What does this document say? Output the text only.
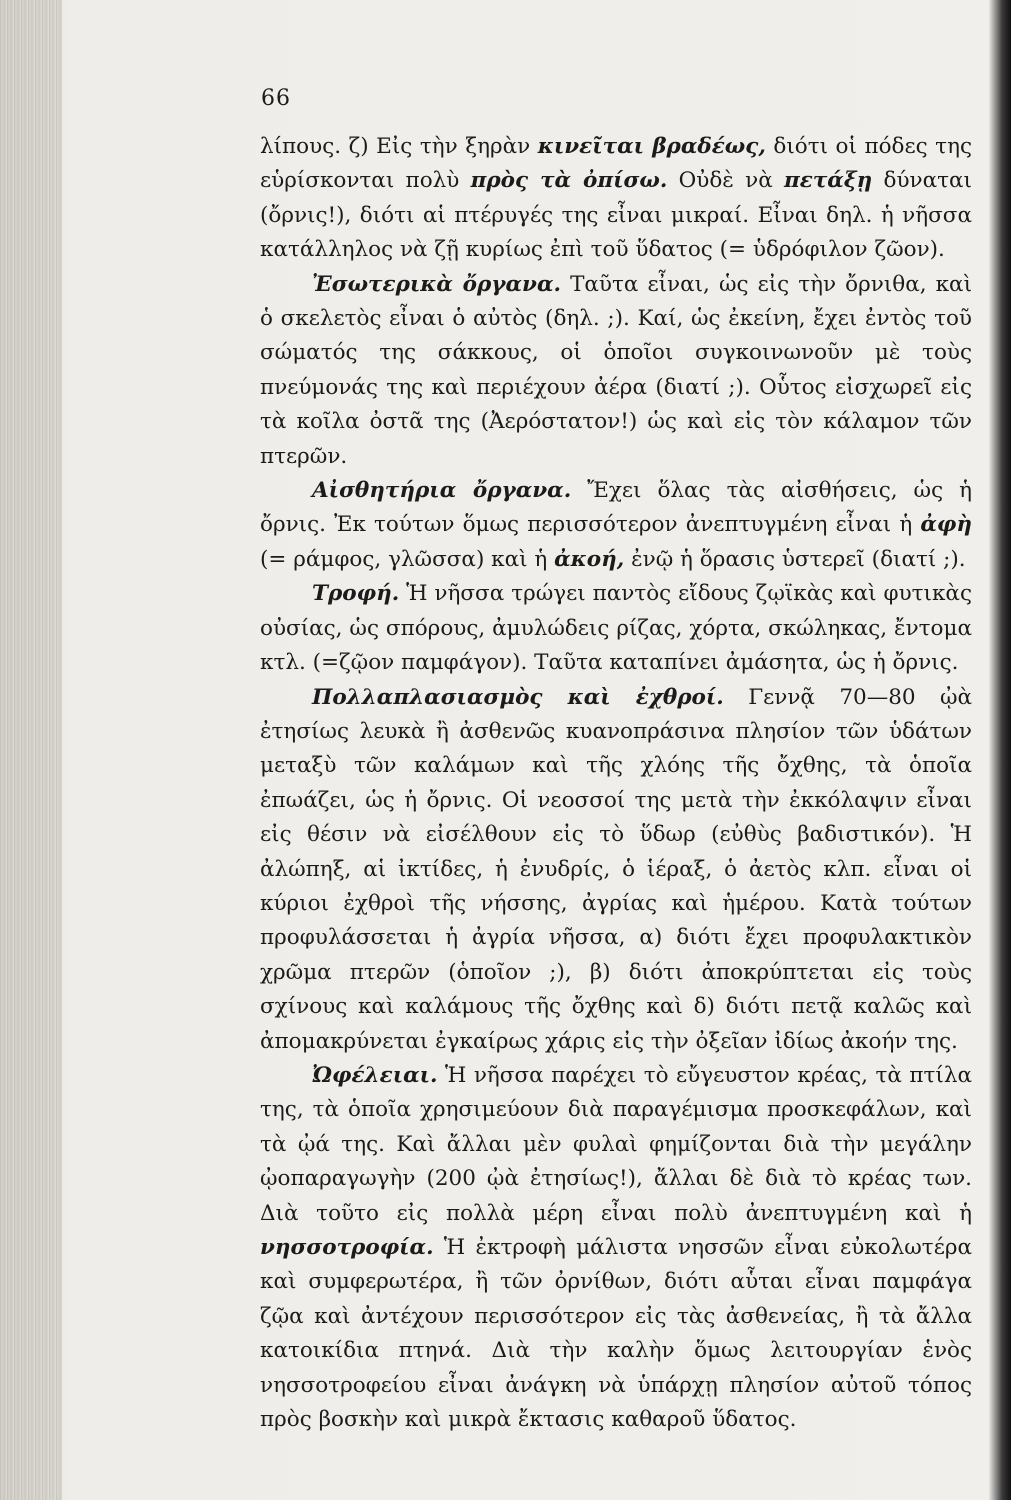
66

λίπους. ζ) Εἰς τὴν ξηρὰν κινεῖται βραδέως, διότι οἱ πόδες της εὑρίσκονται πολὺ πρὸς τὰ ὀπίσω. Οὐδὲ νὰ πετάξῃ δύναται (ὄρνις!), διότι αἱ πτέρυγές της εἶναι μικραί. Εἶναι δηλ. ἡ νῆσσα κατάλληλος νὰ ζῇ κυρίως ἐπὶ τοῦ ὕδατος (= ὑδρόφιλον ζῶον).

Ἐσωτερικὰ ὄργανα. Ταῦτα εἶναι, ὡς εἰς τὴν ὄρνιθα, καὶ ὁ σκελετὸς εἶναι ὁ αὐτὸς (δηλ. ;). Καί, ὡς ἐκείνη, ἔχει ἐντὸς τοῦ σώματός της σάκκους, οἱ ὁποῖοι συγκοινωνοῦν μὲ τοὺς πνεύμονάς της καὶ περιέχουν ἀέρα (διατί ;). Οὗτος εἰσχωρεῖ εἰς τὰ κοῖλα ὀστᾶ της (Ἀερόστατον!) ὡς καὶ εἰς τὸν κάλαμον τῶν πτερῶν.

Αἰσθητήρια ὄργανα. Ἔχει ὅλας τὰς αἰσθήσεις, ὡς ἡ ὄρνις. Ἐκ τούτων ὅμως περισσότερον ἀνεπτυγμένη εἶναι ἡ ἀφὴ (= ράμφος, γλῶσσα) καὶ ἡ ἀκοή, ἐνῷ ἡ ὅρασις ὑστερεῖ (διατί ;).

Τροφή. Ἡ νῆσσα τρώγει παντὸς εἴδους ζῳϊκὰς καὶ φυτικὰς οὐσίας, ὡς σπόρους, ἀμυλώδεις ρίζας, χόρτα, σκώληκας, ἔντομα κτλ. (=ζῷον παμφάγον). Ταῦτα καταπίνει ἀμάσητα, ὡς ἡ ὄρνις.

Πολλαπλασιασμὸς καὶ ἐχθροί. Γεννᾷ 70—80 ᾠὰ ἐτησίως λευκὰ ἢ ἀσθενῶς κυανοπράσινα πλησίον τῶν ὑδάτων μεταξὺ τῶν καλάμων καὶ τῆς χλόης τῆς ὄχθης, τὰ ὁποῖα ἐπωάζει, ὡς ἡ ὄρνις. Οἱ νεοσσοί της μετὰ τὴν ἐκκόλαψιν εἶναι εἰς θέσιν νὰ εἰσέλθουν εἰς τὸ ὕδωρ (εὐθὺς βαδιστικόν). Ἡ ἀλώπηξ, αἱ ἰκτίδες, ἡ ἐνυδρίς, ὁ ἱέραξ, ὁ ἀετὸς κλπ. εἶναι οἱ κύριοι ἐχθροὶ τῆς νήσσης, ἀγρίας καὶ ἡμέρου. Κατὰ τούτων προφυλάσσεται ἡ ἀγρία νῆσσα, α) διότι ἔχει προφυλακτικὸν χρῶμα πτερῶν (ὁποῖον ;), β) διότι ἀποκρύπτεται εἰς τοὺς σχίνους καὶ καλάμους τῆς ὄχθης καὶ δ) διότι πετᾷ καλῶς καὶ ἀπομακρύνεται ἐγκαίρως χάρις εἰς τὴν ὀξεῖαν ἰδίως ἀκοήν της.

Ὠφέλειαι. Ἡ νῆσσα παρέχει τὸ εὔγευστον κρέας, τὰ πτίλα της, τὰ ὁποῖα χρησιμεύουν διὰ παραγέμισμα προσκεφάλων, καὶ τὰ ᾠά της. Καὶ ἄλλαι μὲν φυλαὶ φημίζονται διὰ τὴν μεγάλην ᾠοπαραγωγὴν (200 ᾠὰ ἐτησίως!), ἄλλαι δὲ διὰ τὸ κρέας των. Διὰ τοῦτο εἰς πολλὰ μέρη εἶναι πολὺ ἀνεπτυγμένη καὶ ἡ νησσοτροφία. Ἡ ἐκτροφὴ μάλιστα νησσῶν εἶναι εὐκολωτέρα καὶ συμφερωτέρα, ἢ τῶν ὀρνίθων, διότι αὗται εἶναι παμφάγα ζῷα καὶ ἀντέχουν περισσότερον εἰς τὰς ἀσθενείας, ἢ τὰ ἄλλα κατοικίδια πτηνά. Διὰ τὴν καλὴν ὅμως λειτουργίαν ἑνὸς νησσοτροφείου εἶναι ἀνάγκη νὰ ὑπάρχῃ πλησίον αὐτοῦ τόπος πρὸς βοσκὴν καὶ μικρὰ ἔκτασις καθαροῦ ὕδατος.
